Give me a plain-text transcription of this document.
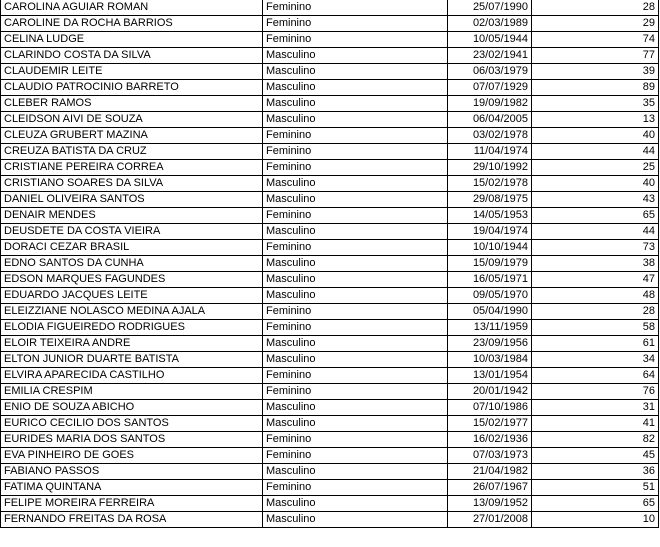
CAROLINA AGUIAR ROMAN	Feminino	25/07/1990	28
CAROLINE DA ROCHA BARRIOS	Feminino	02/03/1989	29
CELINA LUDGE	Feminino	10/05/1944	74
CLARINDO COSTA DA SILVA	Masculino	23/02/1941	77
CLAUDEMIR LEITE	Masculino	06/03/1979	39
CLAUDIO PATROCINIO BARRETO	Masculino	07/07/1929	89
CLEBER RAMOS	Masculino	19/09/1982	35
CLEIDSON AIVI DE SOUZA	Masculino	06/04/2005	13
CLEUZA GRUBERT MAZINA	Feminino	03/02/1978	40
CREUZA BATISTA DA CRUZ	Feminino	11/04/1974	44
CRISTIANE PEREIRA CORREA	Feminino	29/10/1992	25
CRISTIANO SOARES DA SILVA	Masculino	15/02/1978	40
DANIEL OLIVEIRA SANTOS	Masculino	29/08/1975	43
DENAIR MENDES	Feminino	14/05/1953	65
DEUSDETE DA COSTA VIEIRA	Masculino	19/04/1974	44
DORACI CEZAR BRASIL	Feminino	10/10/1944	73
EDNO SANTOS DA CUNHA	Masculino	15/09/1979	38
EDSON MARQUES FAGUNDES	Masculino	16/05/1971	47
EDUARDO JACQUES LEITE	Masculino	09/05/1970	48
ELEIZZIANE NOLASCO MEDINA AJALA	Feminino	05/04/1990	28
ELODIA FIGUEIREDO RODRIGUES	Feminino	13/11/1959	58
ELOIR TEIXEIRA ANDRE	Masculino	23/09/1956	61
ELTON JUNIOR DUARTE BATISTA	Masculino	10/03/1984	34
ELVIRA APARECIDA CASTILHO	Feminino	13/01/1954	64
EMILIA CRESPIM	Feminino	20/01/1942	76
ENIO DE SOUZA ABICHO	Masculino	07/10/1986	31
EURICO CECILIO DOS SANTOS	Masculino	15/02/1977	41
EURIDES MARIA DOS SANTOS	Feminino	16/02/1936	82
EVA PINHEIRO DE GOES	Feminino	07/03/1973	45
FABIANO PASSOS	Masculino	21/04/1982	36
FATIMA QUINTANA	Feminino	26/07/1967	51
FELIPE MOREIRA FERREIRA	Masculino	13/09/1952	65
FERNANDO FREITAS DA ROSA	Masculino	27/01/2008	10
